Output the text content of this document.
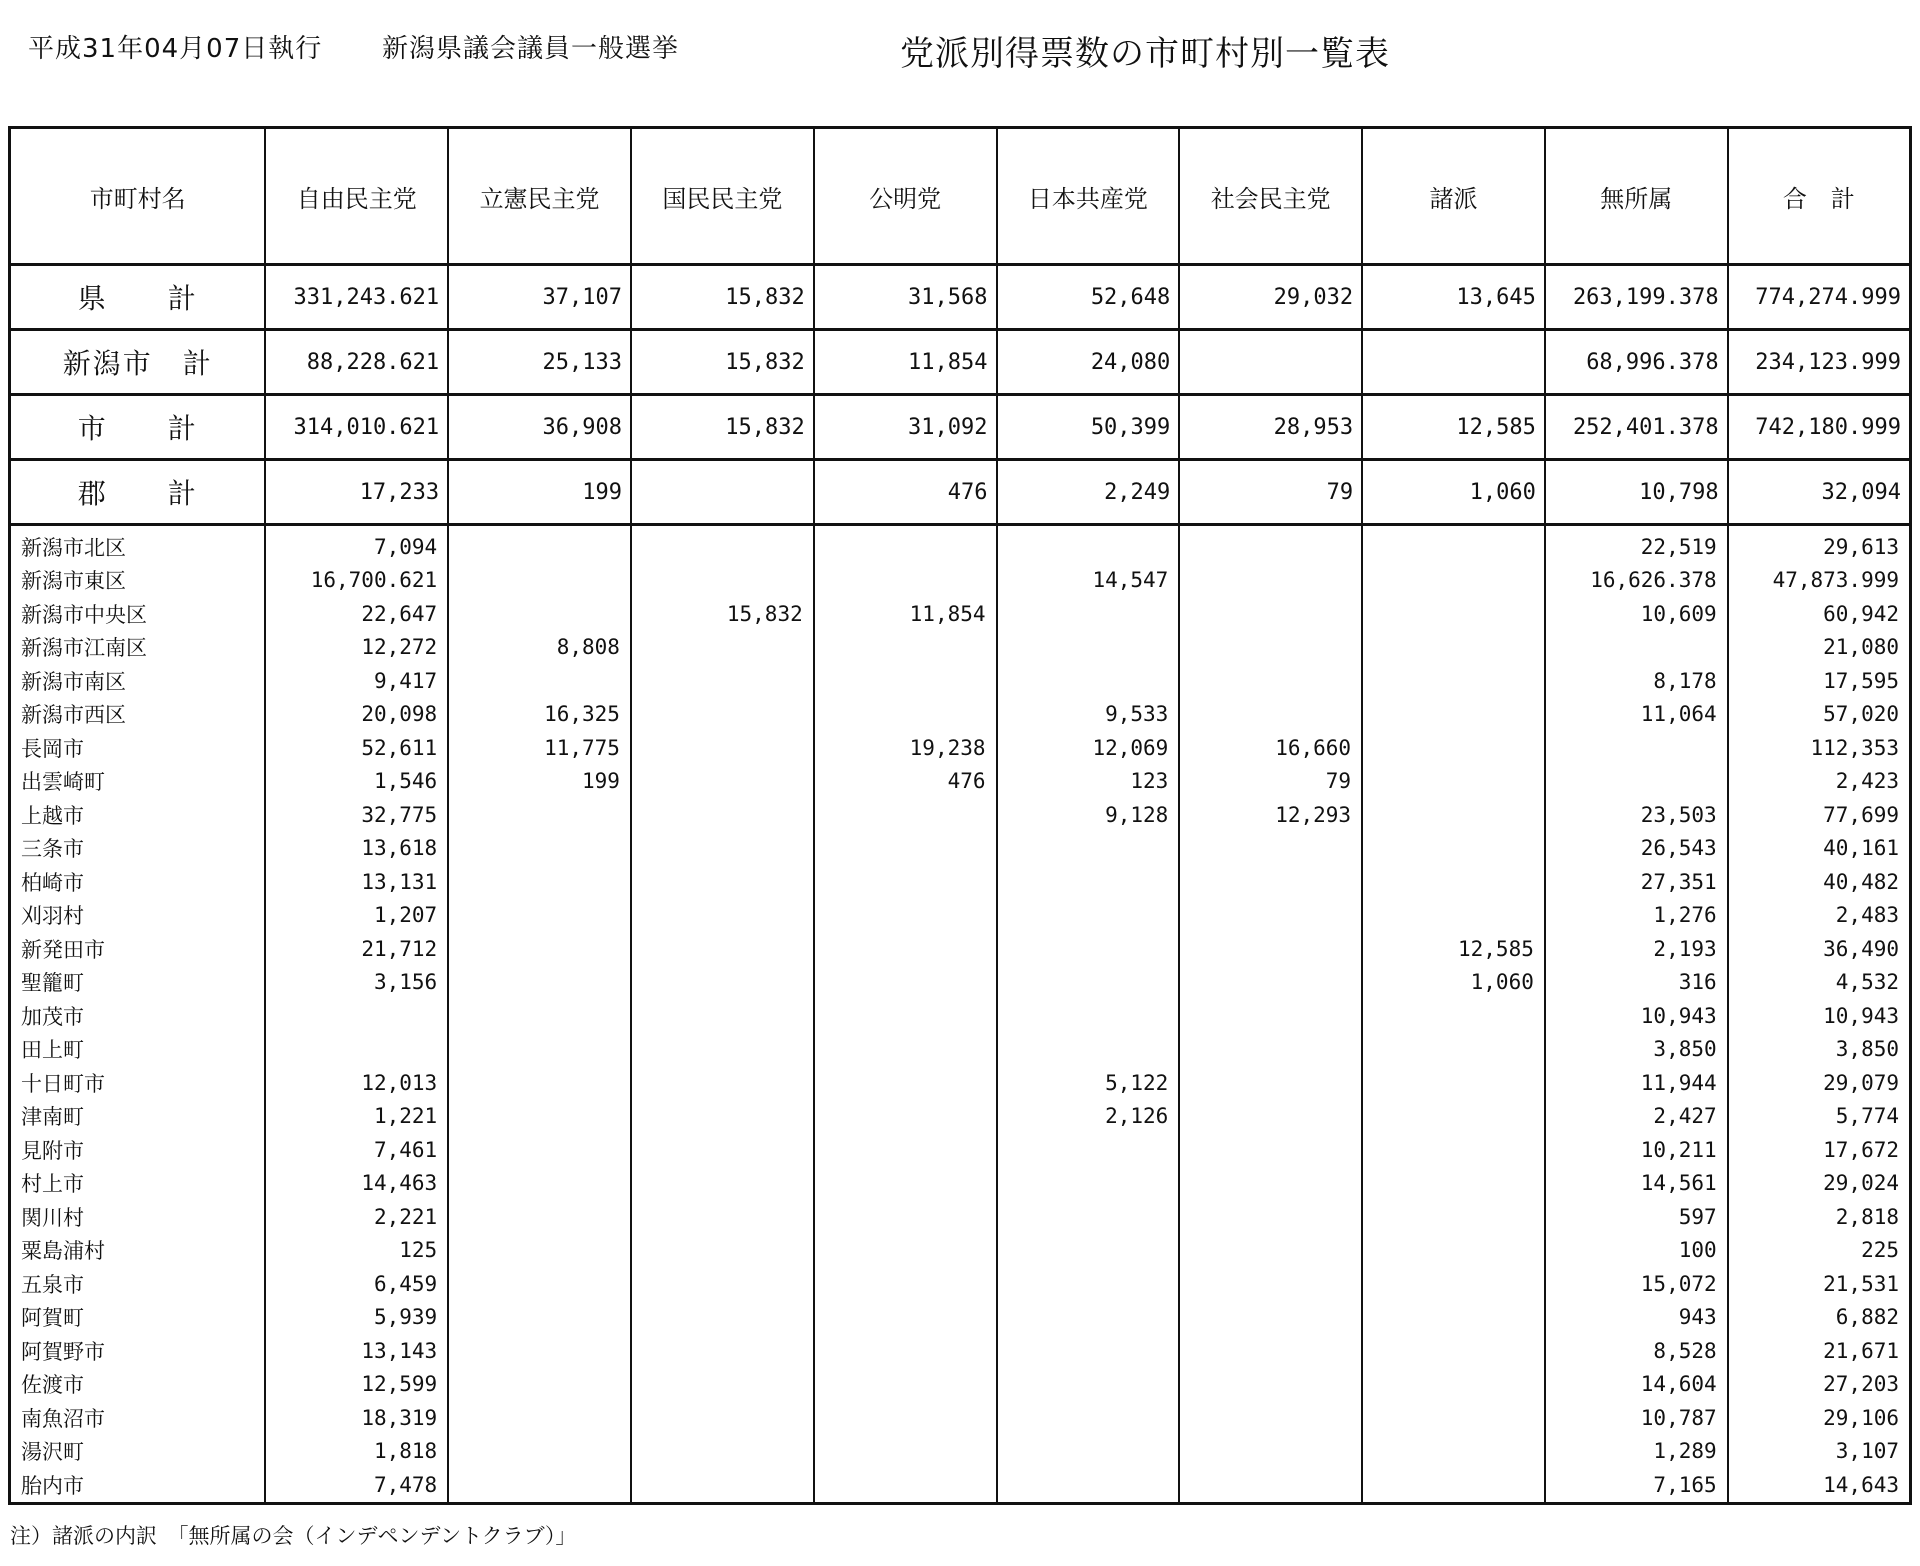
平成31年04月07日執行 新潟県議会議員一般選挙	党派別得票数の市町村別一覧表
市町村名	自由民主党	立憲民主党	国民民主党	公明党	日本共産党	社会民主党	諸派	無所属	合　計
県　　計	331,243.621	37,107	15,832	31,568	52,648	29,032	13,645	263,199.378	774,274.999
新潟市　計	88,228.621	25,133	15,832	11,854	24,080			68,996.378	234,123.999
市　　計	314,010.621	36,908	15,832	31,092	50,399	28,953	12,585	252,401.378	742,180.999
郡　　計	17,233	199		476	2,249	79	1,060	10,798	32,094
新潟市北区	7,094							22,519	29,613
新潟市東区	16,700.621				14,547			16,626.378	47,873.999
新潟市中央区	22,647		15,832	11,854				10,609	60,942
新潟市江南区	12,272	8,808							21,080
新潟市南区	9,417							8,178	17,595
新潟市西区	20,098	16,325			9,533			11,064	57,020
長岡市	52,611	11,775		19,238	12,069	16,660			112,353
出雲崎町	1,546	199		476	123	79			2,423
上越市	32,775				9,128	12,293		23,503	77,699
三条市	13,618							26,543	40,161
柏崎市	13,131							27,351	40,482
刈羽村	1,207							1,276	2,483
新発田市	21,712						12,585	2,193	36,490
聖籠町	3,156						1,060	316	4,532
加茂市								10,943	10,943
田上町								3,850	3,850
十日町市	12,013				5,122			11,944	29,079
津南町	1,221				2,126			2,427	5,774
見附市	7,461							10,211	17,672
村上市	14,463							14,561	29,024
関川村	2,221							597	2,818
粟島浦村	125							100	225
五泉市	6,459							15,072	21,531
阿賀町	5,939							943	6,882
阿賀野市	13,143							8,528	21,671
佐渡市	12,599							14,604	27,203
南魚沼市	18,319							10,787	29,106
湯沢町	1,818							1,289	3,107
胎内市	7,478							7,165	14,643
注）諸派の内訳　「無所属の会（インデペンデントクラブ）」
